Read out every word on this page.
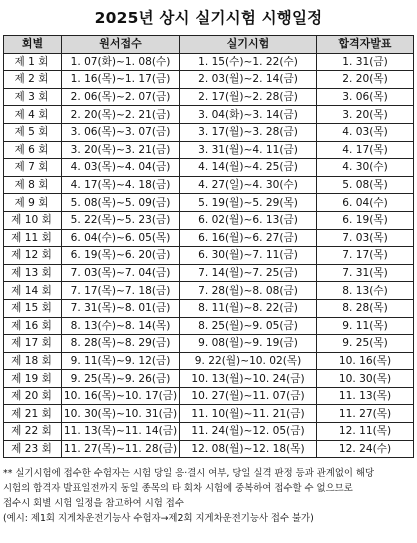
2025년 상시 실기시험 시행일정
회별	원서접수	실기시험	합격자발표
제 1 회	1. 07(화)~1. 08(수)	1. 15(수)~1. 22(수)	1. 31(금)
제 2 회	1. 16(목)~1. 17(금)	2. 03(월)~2. 14(금)	2. 20(목)
제 3 회	2. 06(목)~2. 07(금)	2. 17(월)~2. 28(금)	3. 06(목)
제 4 회	2. 20(목)~2. 21(금)	3. 04(화)~3. 14(금)	3. 20(목)
제 5 회	3. 06(목)~3. 07(금)	3. 17(월)~3. 28(금)	4. 03(목)
제 6 회	3. 20(목)~3. 21(금)	3. 31(월)~4. 11(금)	4. 17(목)
제 7 회	4. 03(목)~4. 04(금)	4. 14(월)~4. 25(금)	4. 30(수)
제 8 회	4. 17(목)~4. 18(금)	4. 27(일)~4. 30(수)	5. 08(목)
제 9 회	5. 08(목)~5. 09(금)	5. 19(월)~5. 29(목)	6. 04(수)
제 10 회	5. 22(목)~5. 23(금)	6. 02(월)~6. 13(금)	6. 19(목)
제 11 회	6. 04(수)~6. 05(목)	6. 16(월)~6. 27(금)	7. 03(목)
제 12 회	6. 19(목)~6. 20(금)	6. 30(월)~7. 11(금)	7. 17(목)
제 13 회	7. 03(목)~7. 04(금)	7. 14(월)~7. 25(금)	7. 31(목)
제 14 회	7. 17(목)~7. 18(금)	7. 28(월)~8. 08(금)	8. 13(수)
제 15 회	7. 31(목)~8. 01(금)	8. 11(월)~8. 22(금)	8. 28(목)
제 16 회	8. 13(수)~8. 14(목)	8. 25(월)~9. 05(금)	9. 11(목)
제 17 회	8. 28(목)~8. 29(금)	9. 08(월)~9. 19(금)	9. 25(목)
제 18 회	9. 11(목)~9. 12(금)	9. 22(월)~10. 02(목)	10. 16(목)
제 19 회	9. 25(목)~9. 26(금)	10. 13(월)~10. 24(금)	10. 30(목)
제 20 회	10. 16(목)~10. 17(금)	10. 27(월)~11. 07(금)	11. 13(목)
제 21 회	10. 30(목)~10. 31(금)	11. 10(월)~11. 21(금)	11. 27(목)
제 22 회	11. 13(목)~11. 14(금)	11. 24(월)~12. 05(금)	12. 11(목)
제 23 회	11. 27(목)~11. 28(금)	12. 08(월)~12. 18(목)	12. 24(수)

** 실기시험에 접수한 수험자는 시험 당일 응·결시 여부, 당일 실격 판정 등과 관계없이 해당

시험의 합격자 발표일전까지 동일 종목의 타 회차 시험에 중복하여 접수할 수 없으므로

접수시 회별 시험 일정을 참고하여 시험 접수

(예시: 제1회 지게차운전기능사 수험자→제2회 지게차운전기능사 접수 불가)
